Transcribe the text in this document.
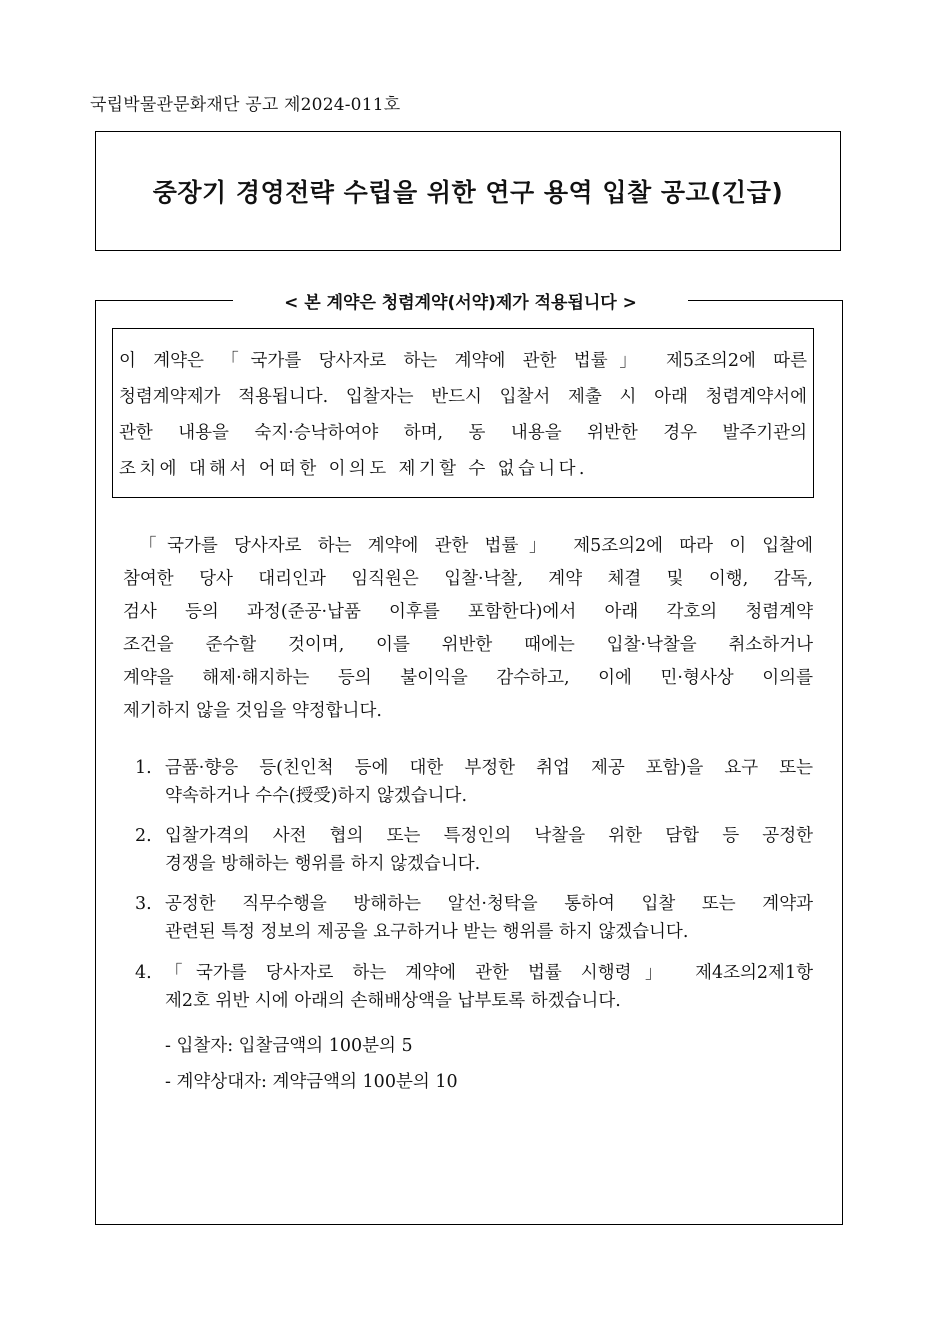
국립박물관문화재단 공고 제2024-011호
중장기 경영전략 수립을 위한 연구 용역 입찰 공고(긴급)
< 본 계약은 청렴계약(서약)제가 적용됩니다 >
이 계약은 「국가를 당사자로 하는 계약에 관한 법률」 제5조의2에 따른
청렴계약제가 적용됩니다. 입찰자는 반드시 입찰서 제출 시 아래 청렴계약서에
관한 내용을 숙지·승낙하여야 하며, 동 내용을 위반한 경우 발주기관의
조치에 대해서 어떠한 이의도 제기할 수 없습니다.
「국가를 당사자로 하는 계약에 관한 법률」 제5조의2에 따라 이 입찰에
참여한 당사 대리인과 임직원은 입찰·낙찰, 계약 체결 및 이행, 감독,
검사 등의 과정(준공·납품 이후를 포함한다)에서 아래 각호의 청렴계약
조건을 준수할 것이며, 이를 위반한 때에는 입찰·낙찰을 취소하거나
계약을 해제·해지하는 등의 불이익을 감수하고, 이에 민·형사상 이의를
제기하지 않을 것임을 약정합니다.
1. 금품·향응 등(친인척 등에 대한 부정한 취업 제공 포함)을 요구 또는
약속하거나 수수(授受)하지 않겠습니다.
2. 입찰가격의 사전 협의 또는 특정인의 낙찰을 위한 담합 등 공정한
경쟁을 방해하는 행위를 하지 않겠습니다.
3. 공정한 직무수행을 방해하는 알선·청탁을 통하여 입찰 또는 계약과
관련된 특정 정보의 제공을 요구하거나 받는 행위를 하지 않겠습니다.
4. 「국가를 당사자로 하는 계약에 관한 법률 시행령」 제4조의2제1항
제2호 위반 시에 아래의 손해배상액을 납부토록 하겠습니다.
- 입찰자: 입찰금액의 100분의 5
- 계약상대자: 계약금액의 100분의 10
